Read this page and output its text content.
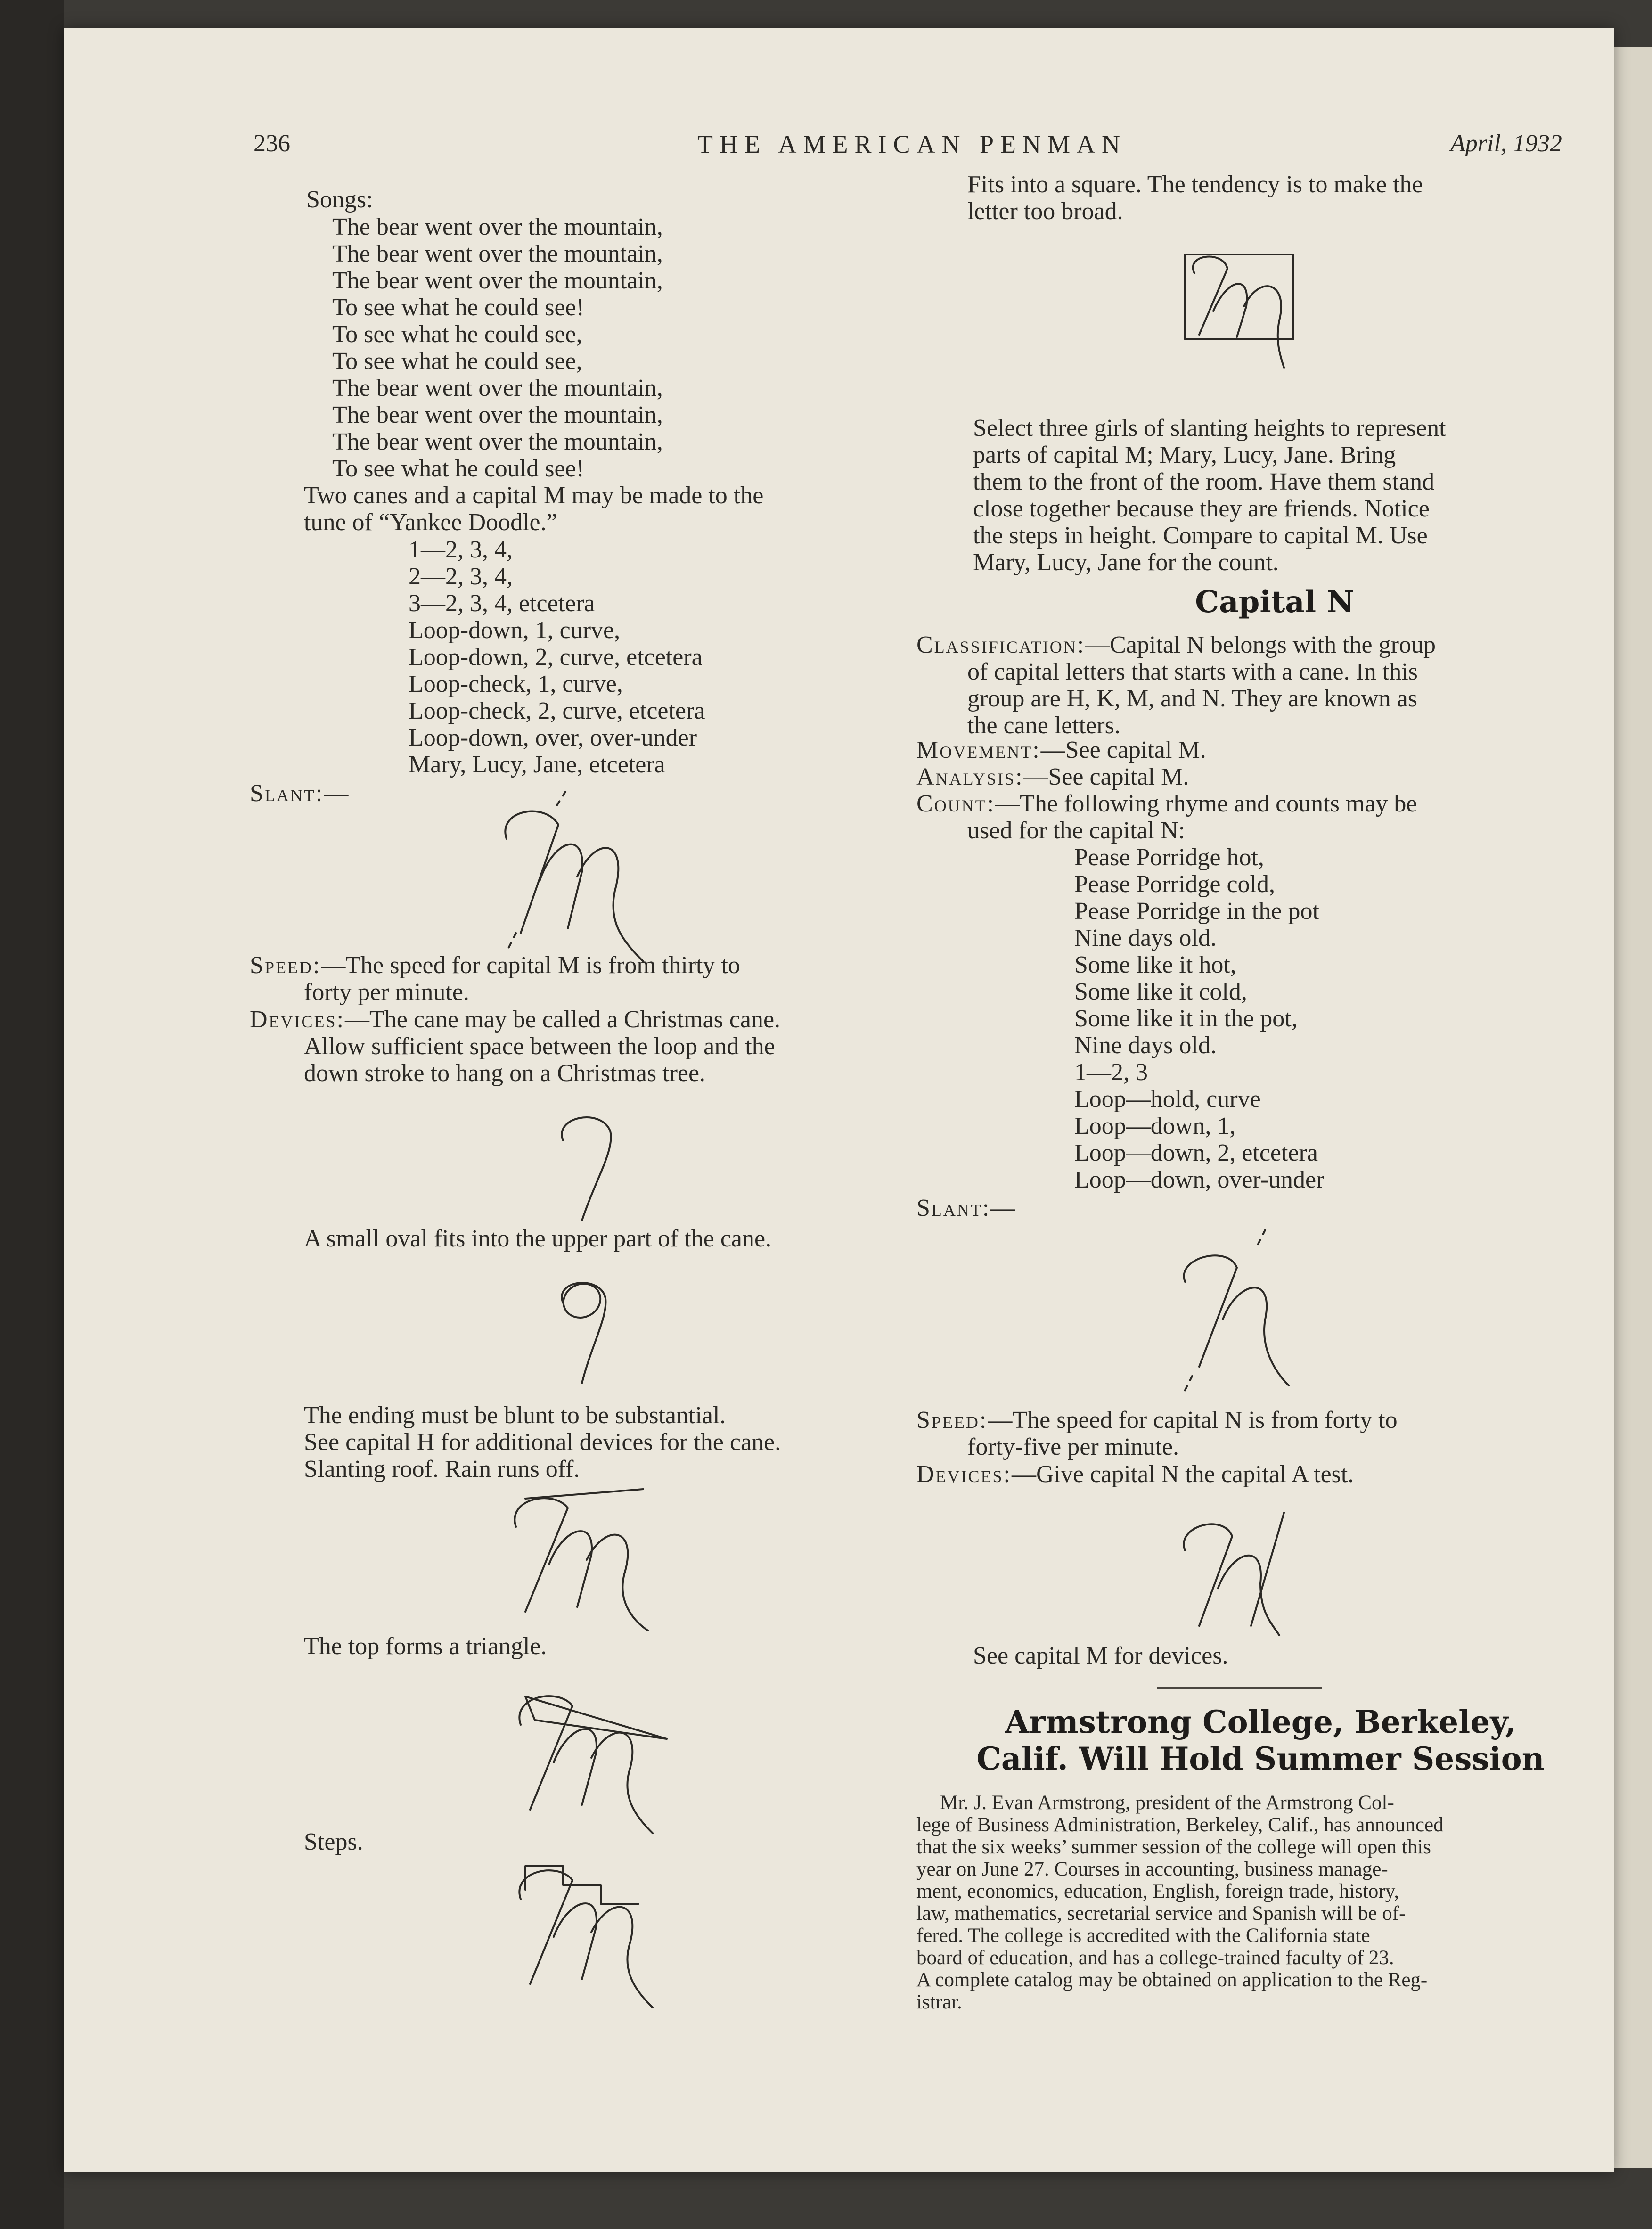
236	THE AMERICAN PENMAN	April, 1932
Songs:
The bear went over the mountain,
The bear went over the mountain,
The bear went over the mountain,
To see what he could see!
To see what he could see,
To see what he could see,
The bear went over the mountain,
The bear went over the mountain,
The bear went over the mountain,
To see what he could see!
Two canes and a capital M may be made to the
tune of “Yankee Doodle.”
1—2, 3, 4,
2—2, 3, 4,
3—2, 3, 4, etcetera
Loop-down, 1, curve,
Loop-down, 2, curve, etcetera
Loop-check, 1, curve,
Loop-check, 2, curve, etcetera
Loop-down, over, over-under
Mary, Lucy, Jane, etcetera
Slant:—
Speed:—The speed for capital M is from thirty to
forty per minute.
Devices:—The cane may be called a Christmas cane.
Allow sufficient space between the loop and the
down stroke to hang on a Christmas tree.
A small oval fits into the upper part of the cane.
The ending must be blunt to be substantial.
See capital H for additional devices for the cane.
Slanting roof. Rain runs off.
The top forms a triangle.
Steps.
Fits into a square. The tendency is to make the
letter too broad.
Select three girls of slanting heights to represent
parts of capital M; Mary, Lucy, Jane. Bring
them to the front of the room. Have them stand
close together because they are friends. Notice
the steps in height. Compare to capital M. Use
Mary, Lucy, Jane for the count.
Capital N
Classification:—Capital N belongs with the group
of capital letters that starts with a cane. In this
group are H, K, M, and N. They are known as
the cane letters.
Movement:—See capital M.
Analysis:—See capital M.
Count:—The following rhyme and counts may be
used for the capital N:
Pease Porridge hot,
Pease Porridge cold,
Pease Porridge in the pot
Nine days old.
Some like it hot,
Some like it cold,
Some like it in the pot,
Nine days old.
1—2, 3
Loop—hold, curve
Loop—down, 1,
Loop—down, 2, etcetera
Loop—down, over-under
Slant:—
Speed:—The speed for capital N is from forty to
forty-five per minute.
Devices:—Give capital N the capital A test.
See capital M for devices.
Armstrong College, Berkeley,
Calif. Will Hold Summer Session
Mr. J. Evan Armstrong, president of the Armstrong Col-
lege of Business Administration, Berkeley, Calif., has announced
that the six weeks’ summer session of the college will open this
year on June 27. Courses in accounting, business manage-
ment, economics, education, English, foreign trade, history,
law, mathematics, secretarial service and Spanish will be of-
fered. The college is accredited with the California state
board of education, and has a college-trained faculty of 23.
A complete catalog may be obtained on application to the Reg-
istrar.
